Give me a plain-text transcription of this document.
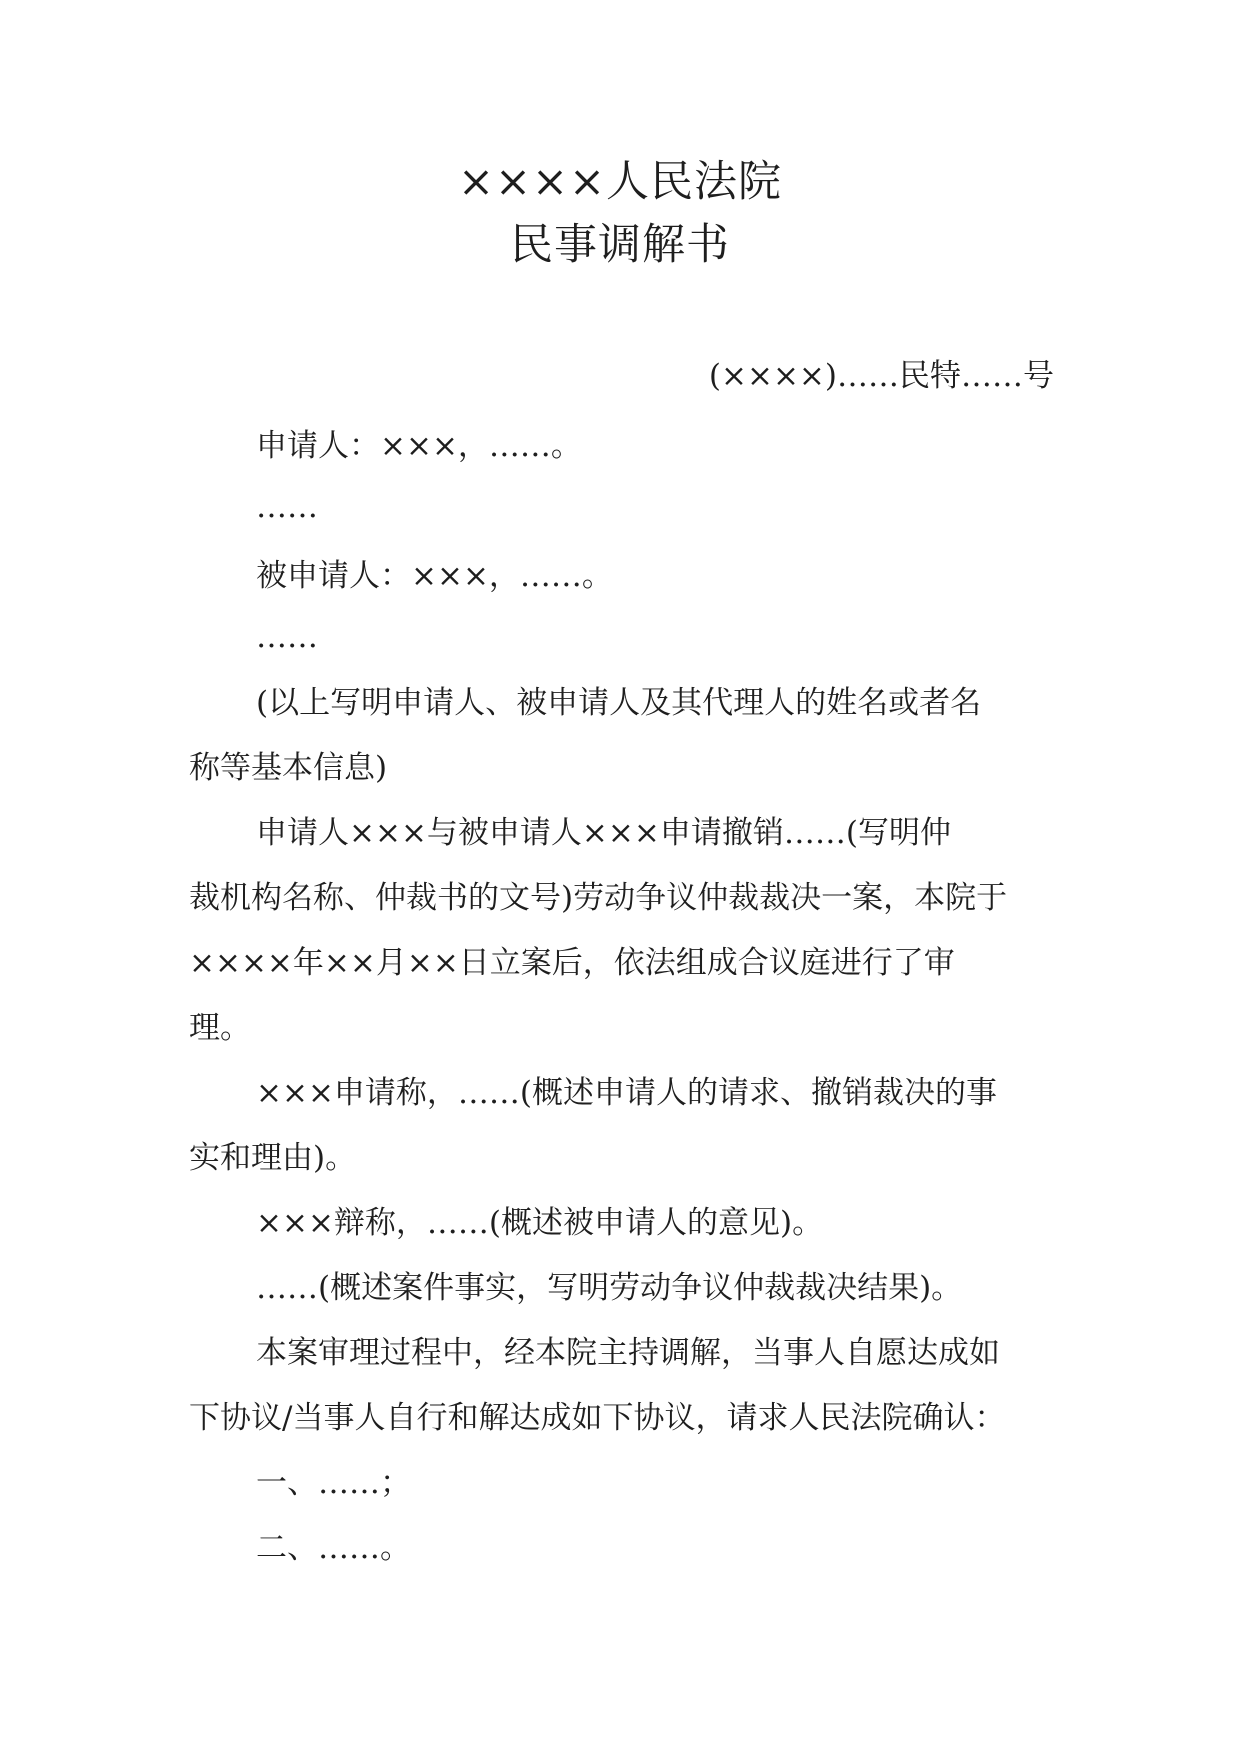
××××人民法院
民事调解书
(××××)……民特……号
申请人：×××，……。
……
被申请人：×××，……。
……
(以上写明申请人、被申请人及其代理人的姓名或者名
称等基本信息)
申请人×××与被申请人×××申请撤销……(写明仲
裁机构名称、仲裁书的文号)劳动争议仲裁裁决一案，本院于
××××年××月××日立案后，依法组成合议庭进行了审
理。
×××申请称，……(概述申请人的请求、撤销裁决的事
实和理由)。
×××辩称，……(概述被申请人的意见)。
……(概述案件事实，写明劳动争议仲裁裁决结果)。
本案审理过程中，经本院主持调解，当事人自愿达成如
下协议/当事人自行和解达成如下协议，请求人民法院确认：
一、……；
二、……。
